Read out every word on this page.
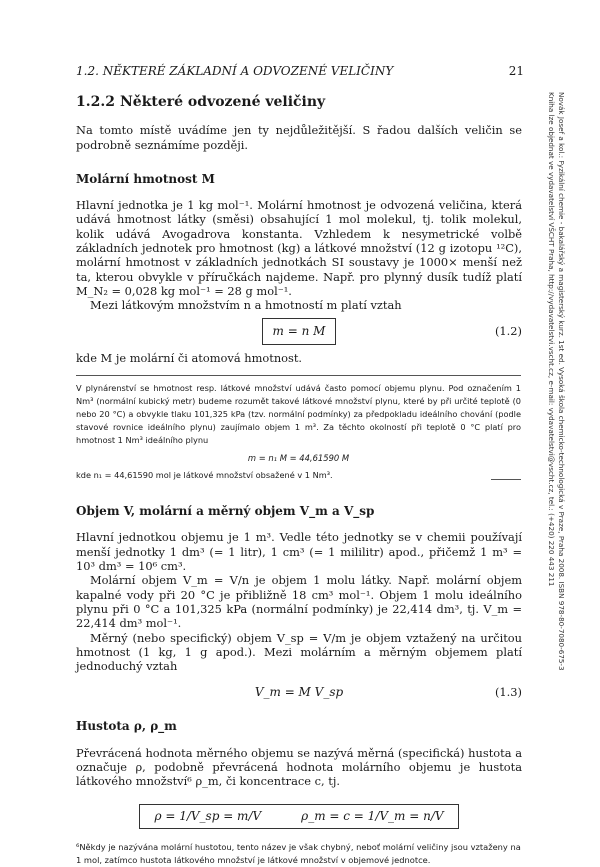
1.2. NĚKTERÉ ZÁKLADNÍ A ODVOZENÉ VELIČINY	21
Novák Josef a kol.: Fyzikální chemie - bakalářský a magisterský kurz. 1st ed. Vysoká škola chemicko-technologická v Praze, Praha 2008. ISBN 978-80-7080-675-3
Kniha lze objednat ve vydavatelství VŠCHT Praha, http://vydavatelstvi.vscht.cz, e-mail: vydavatelstvi@vscht.cz, tel.: (+420) 220 443 211
1.2.2 Některé odvozené veličiny

Na tomto místě uvádíme jen ty nejdůležitější. S řadou dalších veličin se podrobně seznámíme později.

Molární hmotnost M

Hlavní jednotka je 1 kg mol⁻¹. Molární hmotnost je odvozená veličina, která udává hmotnost látky (směsi) obsahující 1 mol molekul, tj. tolik molekul, kolik udává Avogadrova konstanta. Vzhledem k nesymetrické volbě základních jednotek pro hmotnost (kg) a látkové množství (12 g izotopu ¹²C), molární hmotnost v základních jednotkách SI soustavy je 1000× menší než ta, kterou obvykle v příručkách najdeme. Např. pro plynný dusík tudíž platí M_N₂ = 0,028 kg mol⁻¹ = 28 g mol⁻¹.

Mezi látkovým množstvím n a hmotností m platí vztah

m = n M	(1.2)

kde M je molární či atomová hmotnost.

V plynárenství se hmotnost resp. látkové množství udává často pomocí objemu plynu. Pod označením 1 Nm³ (normální kubický metr) budeme rozumět takové látkové množství plynu, které by při určité teplotě (0 nebo 20 °C) a obvykle tlaku 101,325 kPa (tzv. normální podmínky) za předpokladu ideálního chování (podle stavové rovnice ideálního plynu) zaujímalo objem 1 m³. Za těchto okolností při teplotě 0 °C platí pro hmotnost 1 Nm³ ideálního plynu
m = n₁ M = 44,61590 M
kde n₁ = 44,61590 mol je látkové množství obsažené v 1 Nm³.
Objem V, molární a měrný objem V_m a V_sp

Hlavní jednotkou objemu je 1 m³. Vedle této jednotky se v chemii používají menší jednotky 1 dm³ (= 1 litr), 1 cm³ (= 1 mililitr) apod., přičemž 1 m³ = 10³ dm³ = 10⁶ cm³.

Molární objem V_m = V/n je objem 1 molu látky. Např. molární objem kapalné vody při 20 °C je přibližně 18 cm³ mol⁻¹. Objem 1 molu ideálního plynu při 0 °C a 101,325 kPa (normální podmínky) je 22,414 dm³, tj. V_m = 22,414 dm³ mol⁻¹.

Měrný (nebo specifický) objem V_sp = V/m je objem vztažený na určitou hmotnost (1 kg, 1 g apod.). Mezi molárním a měrným objemem platí jednoduchý vztah

V_m = M V_sp	(1.3)
Hustota ρ, ρ_m

Převrácená hodnota měrného objemu se nazývá měrná (specifická) hustota a označuje ρ, podobně převrácená hodnota molárního objemu je hustota látkového množství⁶ ρ_m, či koncentrace c, tj.

ρ = 1/V_sp = m/V	ρ_m = c = 1/V_m = n/V
⁶Někdy je nazývána molární hustotou, tento název je však chybný, neboť molární veličiny jsou vztaženy na 1 mol, zatímco hustota látkového množství je látkové množství v objemové jednotce.
